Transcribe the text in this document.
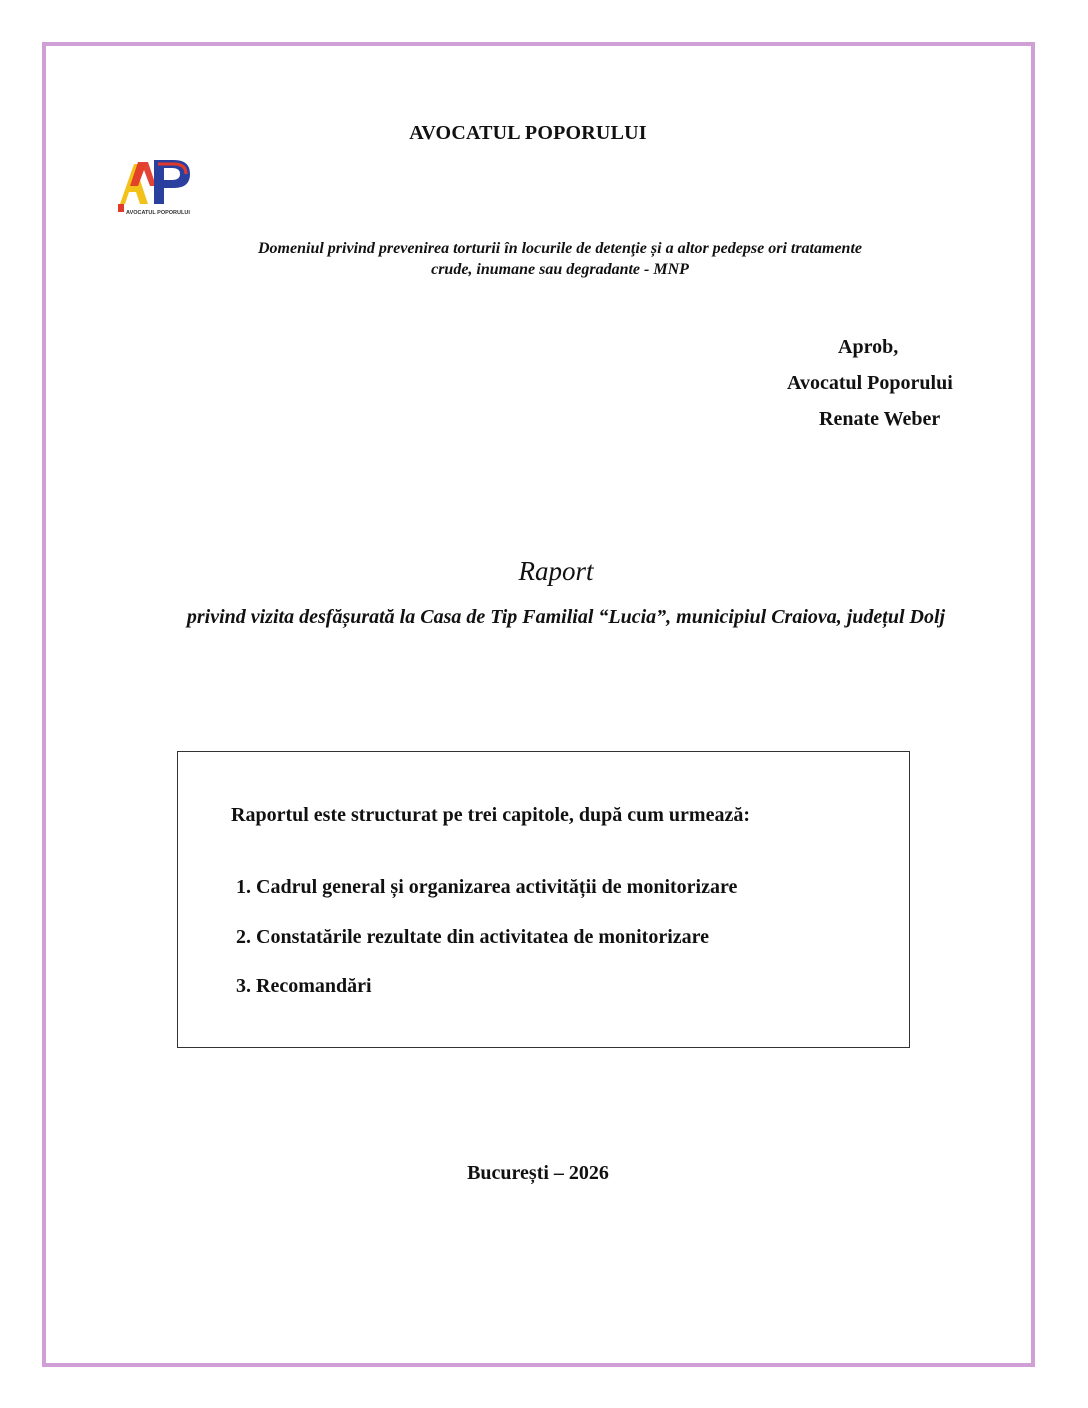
AVOCATUL POPORULUI
AVOCATUL POPORULUI
Domeniul privind prevenirea torturii în locurile de detenţie și a altor pedepse ori tratamente
crude, inumane sau degradante - MNP
Aprob,
Avocatul Poporului
Renate Weber
Raport
privind vizita desfășurată la Casa de Tip Familial “Lucia”, municipiul Craiova, județul Dolj
Raportul este structurat pe trei capitole, după cum urmează:
1. Cadrul general și organizarea activității de monitorizare
2. Constatările rezultate din activitatea de monitorizare
3. Recomandări
București – 2026
